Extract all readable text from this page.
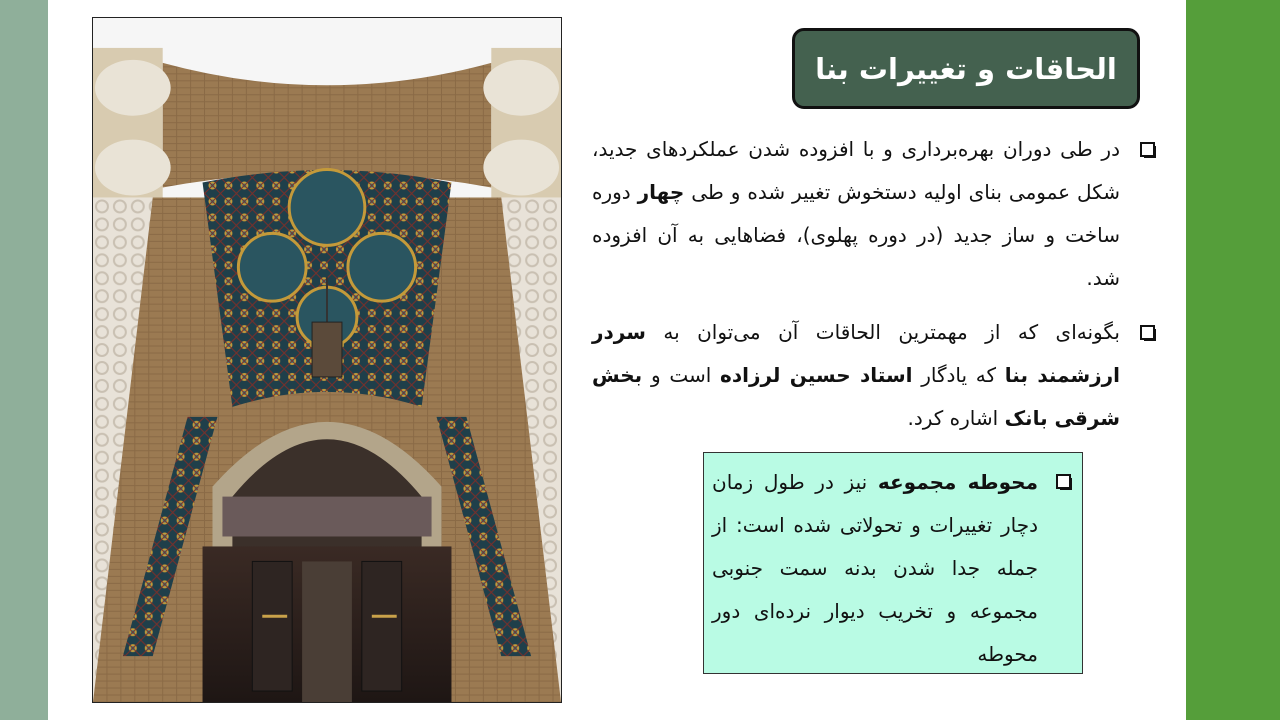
الحاقات و تغییرات بنا
در طی دوران بهره‌برداری و با افزوده شدن عملکردهای جدید، شکل عمومی بنای اولیه دستخوش تغییر شده و طی چهار دوره ساخت و ساز جدید (در دوره پهلوی)، فضاهایی به آن افزوده شد.
بگونه‌ای که از مهمترین الحاقات آن می‌توان به سردر ارزشمند بنا که یادگار استاد حسین لرزاده است و بخش شرقی بانک اشاره کرد.
محوطه مجموعه نیز در طول زمان دچار تغییرات و تحولاتی شده است: از جمله جدا شدن بدنه سمت جنوبی مجموعه و تخریب دیوار نرده‌ای دور محوطه
